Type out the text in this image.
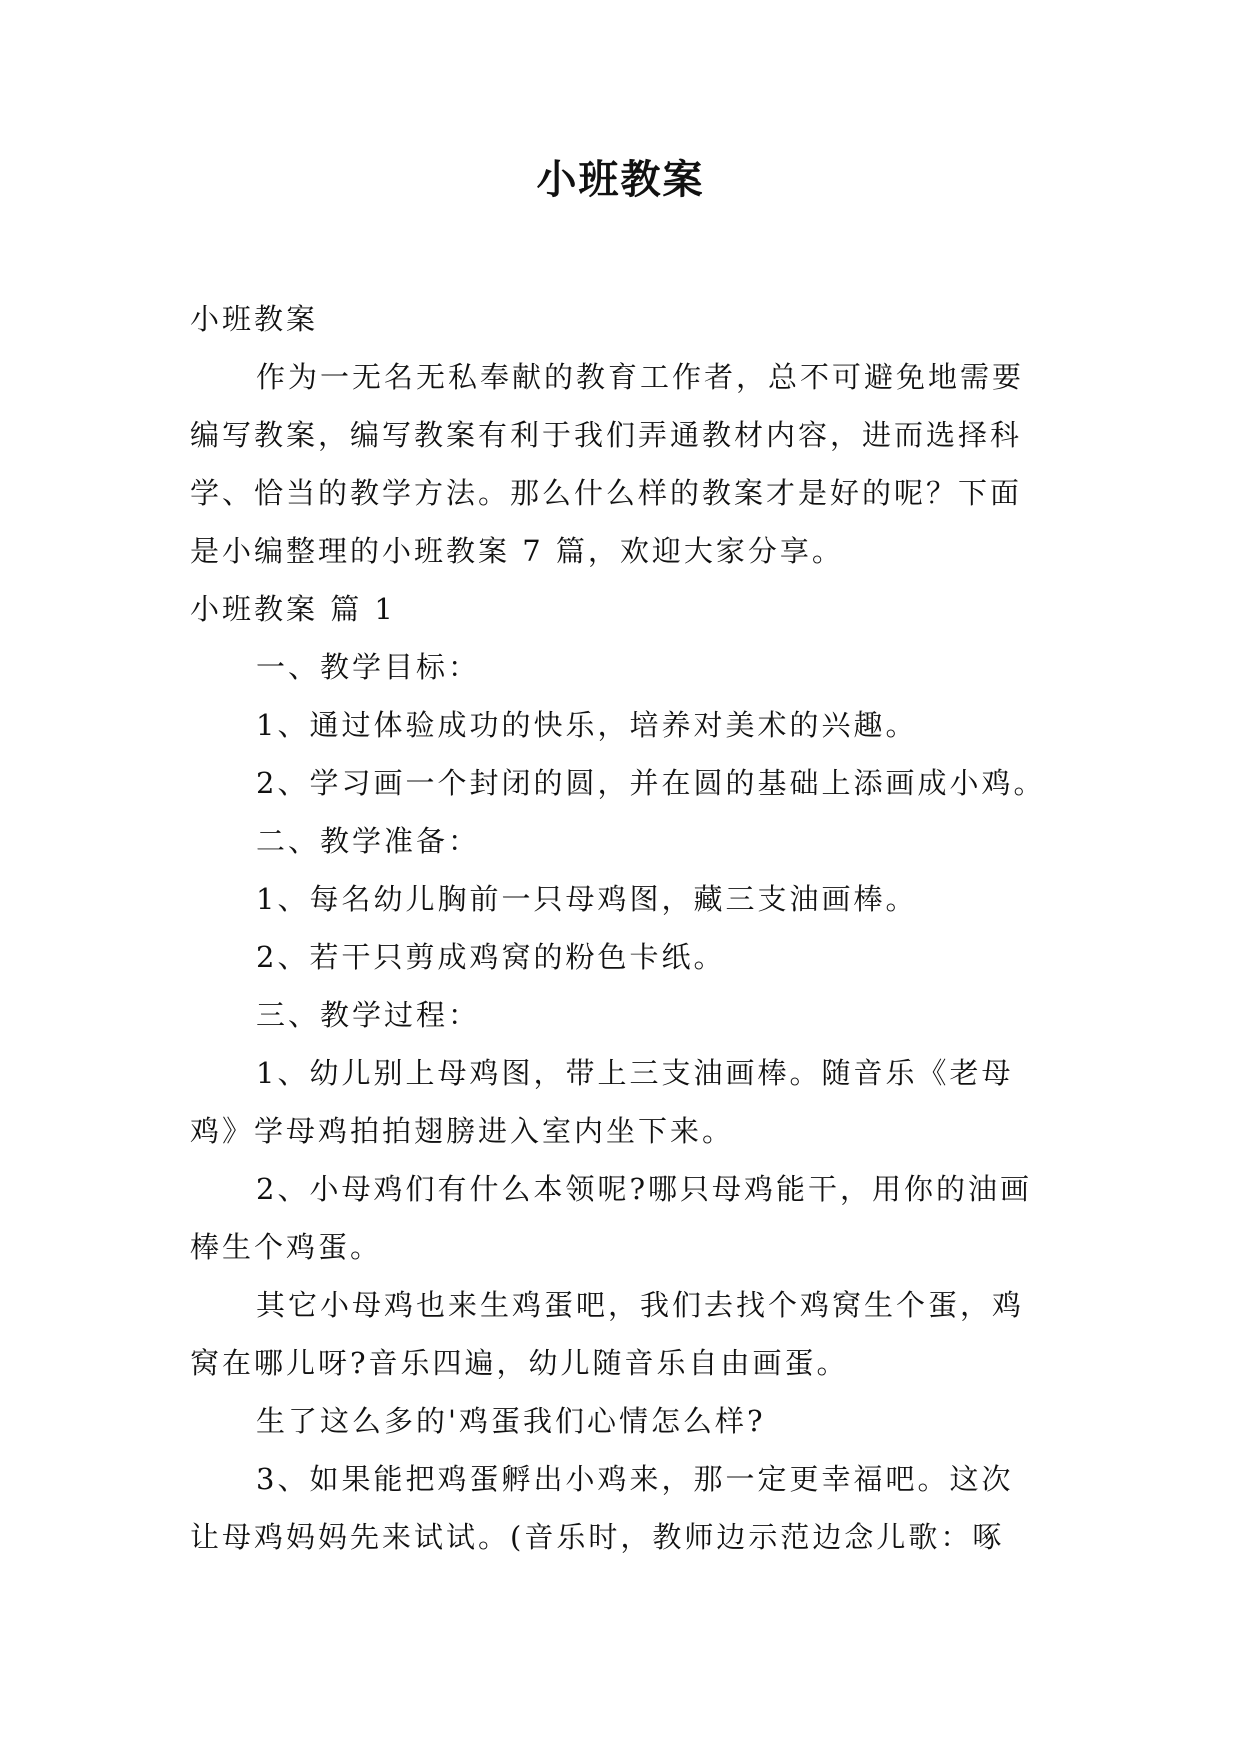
小班教案

小班教案

作为一无名无私奉献的教育工作者，总不可避免地需要

编写教案，编写教案有利于我们弄通教材内容，进而选择科

学、恰当的教学方法。那么什么样的教案才是好的呢？下面

是小编整理的小班教案 7 篇，欢迎大家分享。

小班教案 篇 1

一、教学目标：

1、通过体验成功的快乐，培养对美术的兴趣。

2、学习画一个封闭的圆，并在圆的基础上添画成小鸡。

二、教学准备：

1、每名幼儿胸前一只母鸡图，藏三支油画棒。

2、若干只剪成鸡窝的粉色卡纸。

三、教学过程：

1、幼儿别上母鸡图，带上三支油画棒。随音乐《老母

鸡》学母鸡拍拍翅膀进入室内坐下来。

2、小母鸡们有什么本领呢?哪只母鸡能干，用你的油画

棒生个鸡蛋。

其它小母鸡也来生鸡蛋吧，我们去找个鸡窝生个蛋，鸡

窝在哪儿呀?音乐四遍，幼儿随音乐自由画蛋。

生了这么多的'鸡蛋我们心情怎么样?

3、如果能把鸡蛋孵出小鸡来，那一定更幸福吧。这次

让母鸡妈妈先来试试。(音乐时，教师边示范边念儿歌：啄
